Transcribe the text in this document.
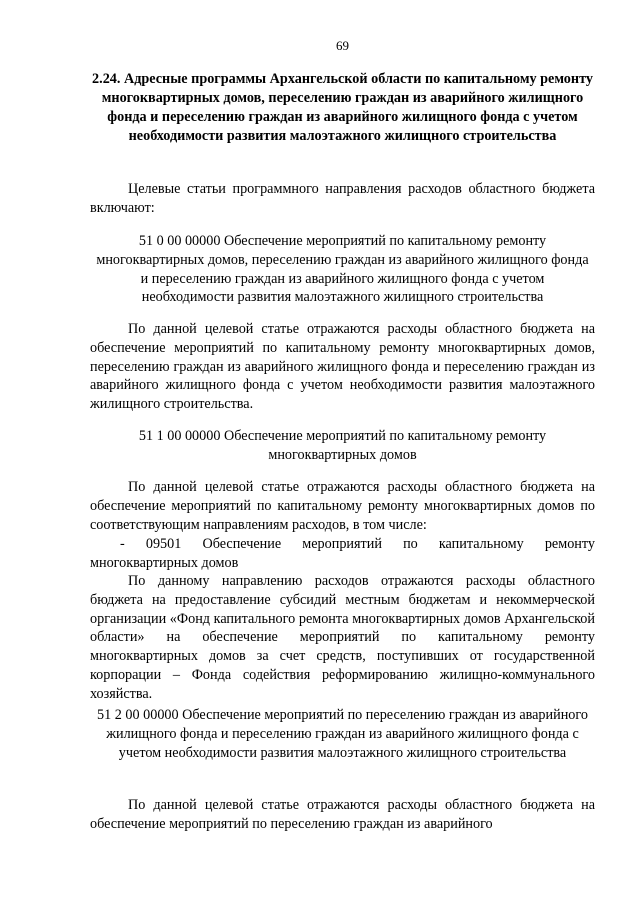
69
2.24. Адресные программы Архангельской области по капитальному ремонту многоквартирных домов, переселению граждан из аварийного жилищного фонда и переселению граждан из аварийного жилищного фонда с учетом необходимости развития малоэтажного жилищного строительства
Целевые статьи программного направления расходов областного бюджета включают:
51 0 00 00000 Обеспечение мероприятий по капитальному ремонту многоквартирных домов, переселению граждан из аварийного жилищного фонда и переселению граждан из аварийного жилищного фонда с учетом необходимости развития малоэтажного жилищного строительства
По данной целевой статье отражаются расходы областного бюджета на обеспечение мероприятий по капитальному ремонту многоквартирных домов, переселению граждан из аварийного жилищного фонда и переселению граждан из аварийного жилищного фонда с учетом необходимости развития малоэтажного жилищного строительства.
51 1 00 00000 Обеспечение мероприятий по капитальному ремонту многоквартирных домов
По данной целевой статье отражаются расходы областного бюджета на обеспечение мероприятий по капитальному ремонту многоквартирных домов по соответствующим направлениям расходов, в том числе:
- 09501 Обеспечение мероприятий по капитальному ремонту многоквартирных домов
По данному направлению расходов отражаются расходы областного бюджета на предоставление субсидий местным бюджетам и некоммерческой организации «Фонд капитального ремонта многоквартирных домов Архангельской области» на обеспечение мероприятий по капитальному ремонту многоквартирных домов за счет средств, поступивших от государственной корпорации – Фонда содействия реформированию жилищно-коммунального хозяйства.
51 2 00 00000 Обеспечение мероприятий по переселению граждан из аварийного жилищного фонда и переселению граждан из аварийного жилищного фонда с учетом необходимости развития малоэтажного жилищного строительства
По данной целевой статье отражаются расходы областного бюджета на обеспечение мероприятий по переселению граждан из аварийного
